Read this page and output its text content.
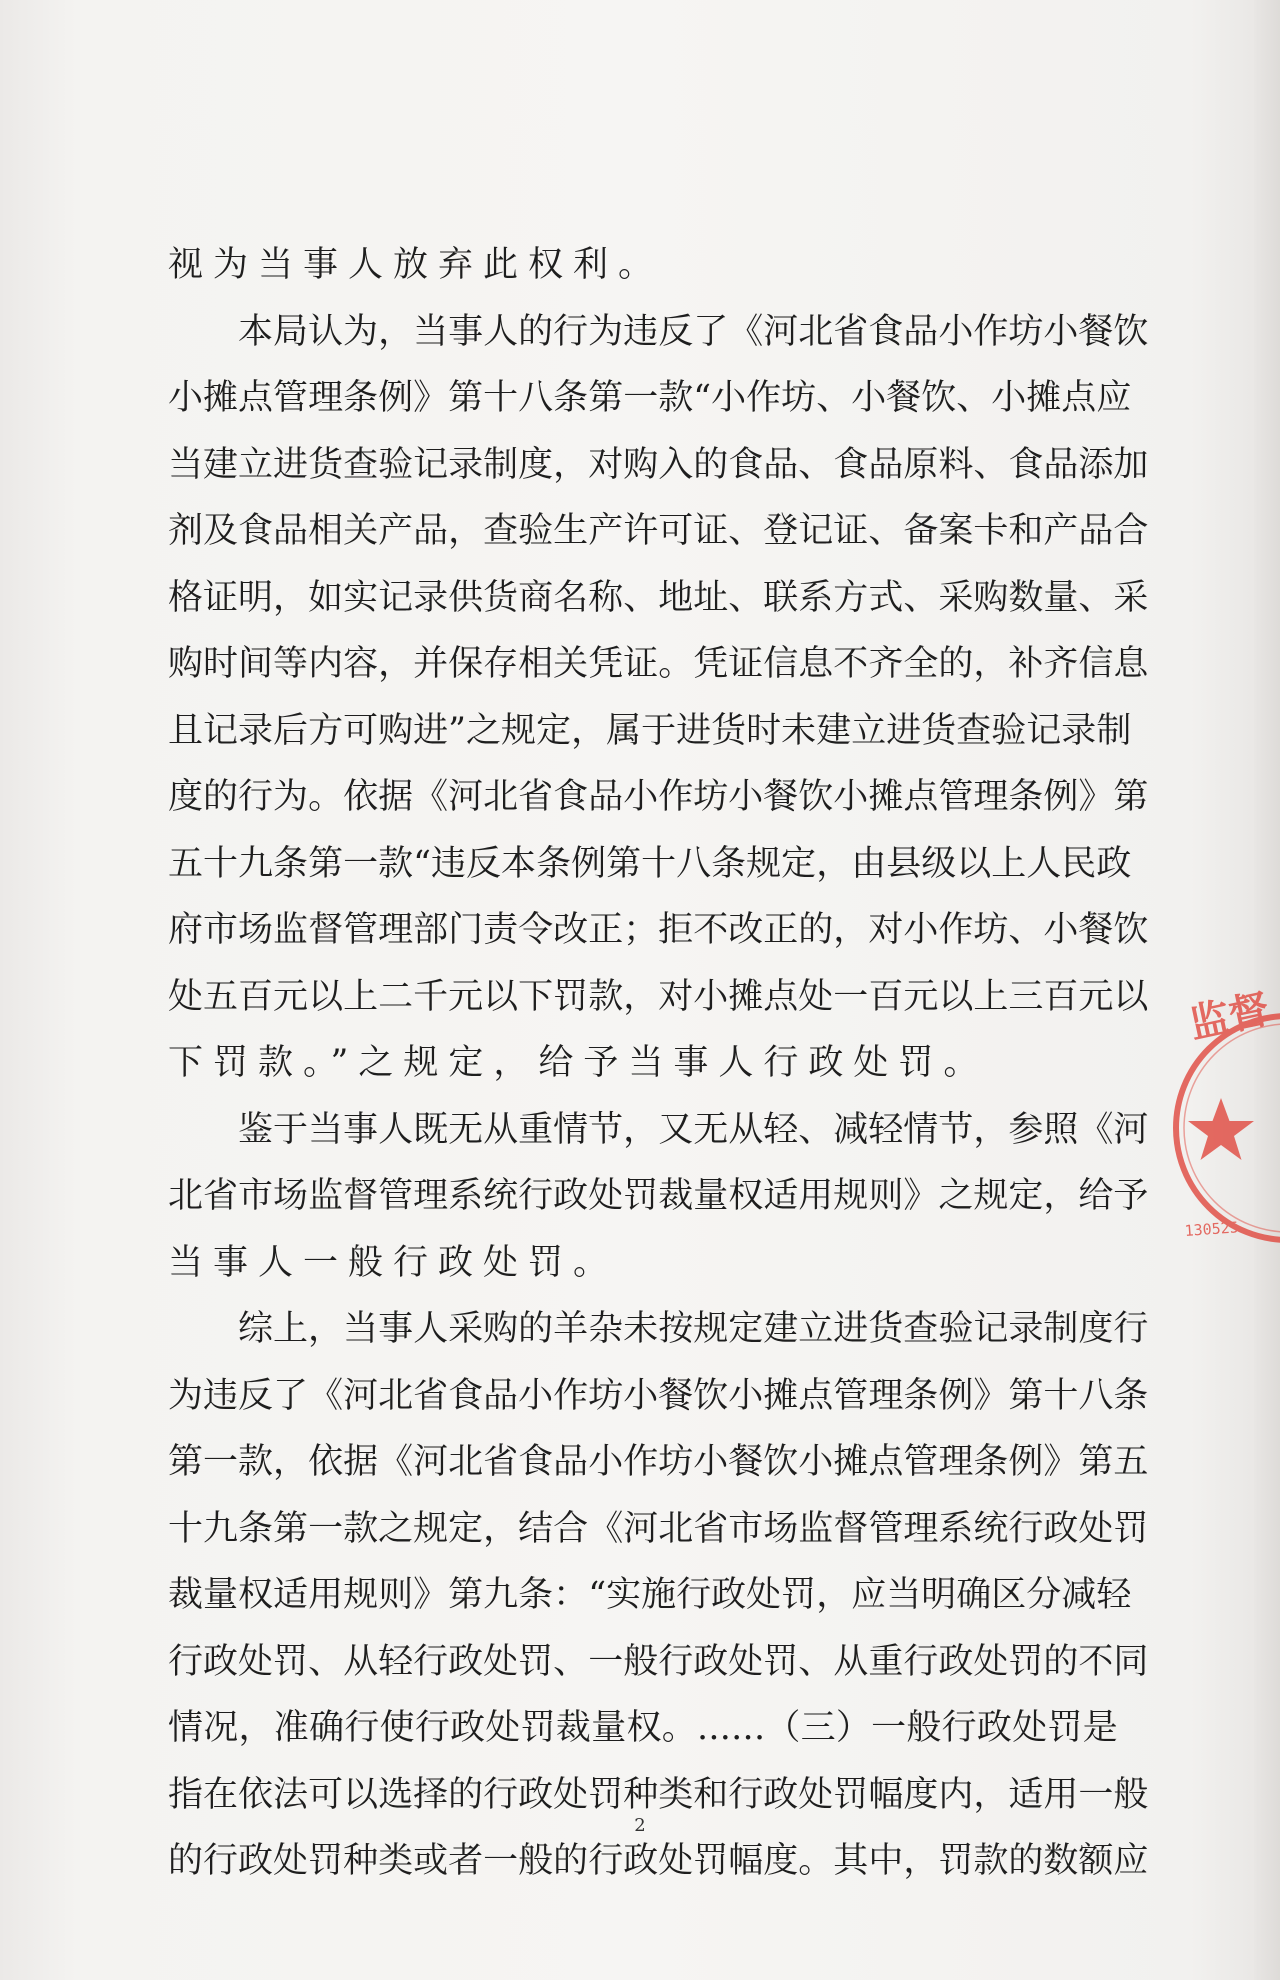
视为当事人放弃此权利。
本 局 认 为 ， 当 事 人 的 行 为 违 反 了 《 河 北 省 食 品 小 作 坊 小 餐 饮
小 摊 点 管 理 条 例 》 第 十 八 条 第 一 款 “ 小 作 坊 、 小 餐 饮 、 小 摊 点 应
当 建 立 进 货 查 验 记 录 制 度 ， 对 购 入 的 食 品 、 食 品 原 料 、 食 品 添 加
剂 及 食 品 相 关 产 品 ， 查 验 生 产 许 可 证 、 登 记 证 、 备 案 卡 和 产 品 合
格 证 明 ， 如 实 记 录 供 货 商 名 称 、 地 址 、 联 系 方 式 、 采 购 数 量 、 采
购 时 间 等 内 容 ， 并 保 存 相 关 凭 证 。 凭 证 信 息 不 齐 全 的 ， 补 齐 信 息
且 记 录 后 方 可 购 进 ” 之 规 定 ， 属 于 进 货 时 未 建 立 进 货 查 验 记 录 制
度 的 行 为 。 依 据 《 河 北 省 食 品 小 作 坊 小 餐 饮 小 摊 点 管 理 条 例 》 第
五 十 九 条 第 一 款 “ 违 反 本 条 例 第 十 八 条 规 定 ， 由 县 级 以 上 人 民 政
府 市 场 监 督 管 理 部 门 责 令 改 正 ； 拒 不 改 正 的 ， 对 小 作 坊 、 小 餐 饮
处 五 百 元 以 上 二 千 元 以 下 罚 款 ， 对 小 摊 点 处 一 百 元 以 上 三 百 元 以
下罚款。”之规定，给予当事人行政处罚。
鉴 于 当 事 人 既 无 从 重 情 节 ， 又 无 从 轻 、 减 轻 情 节 ， 参 照 《 河
北 省 市 场 监 督 管 理 系 统 行 政 处 罚 裁 量 权 适 用 规 则 》 之 规 定 ， 给 予
当事人一般行政处罚。
综 上 ， 当 事 人 采 购 的 羊 杂 未 按 规 定 建 立 进 货 查 验 记 录 制 度 行
为 违 反 了 《 河 北 省 食 品 小 作 坊 小 餐 饮 小 摊 点 管 理 条 例 》 第 十 八 条
第 一 款 ， 依 据 《 河 北 省 食 品 小 作 坊 小 餐 饮 小 摊 点 管 理 条 例 》 第 五
十 九 条 第 一 款 之 规 定 ， 结 合 《 河 北 省 市 场 监 督 管 理 系 统 行 政 处 罚
裁 量 权 适 用 规 则 》 第 九 条 ： “ 实 施 行 政 处 罚 ， 应 当 明 确 区 分 减 轻
行 政 处 罚 、 从 轻 行 政 处 罚 、 一 般 行 政 处 罚 、 从 重 行 政 处 罚 的 不 同
情 况 ， 准 确 行 使 行 政 处 罚 裁 量 权 。 . . . . . . （ 三 ） 一 般 行 政 处 罚 是
指 在 依 法 可 以 选 择 的 行 政 处 罚 种 类 和 行 政 处 罚 幅 度 内 ， 适 用 一 般
的 行 政 处 罚 种 类 或 者 一 般 的 行 政 处 罚 幅 度 。 其 中 ， 罚 款 的 数 额 应
2
监督
130525
